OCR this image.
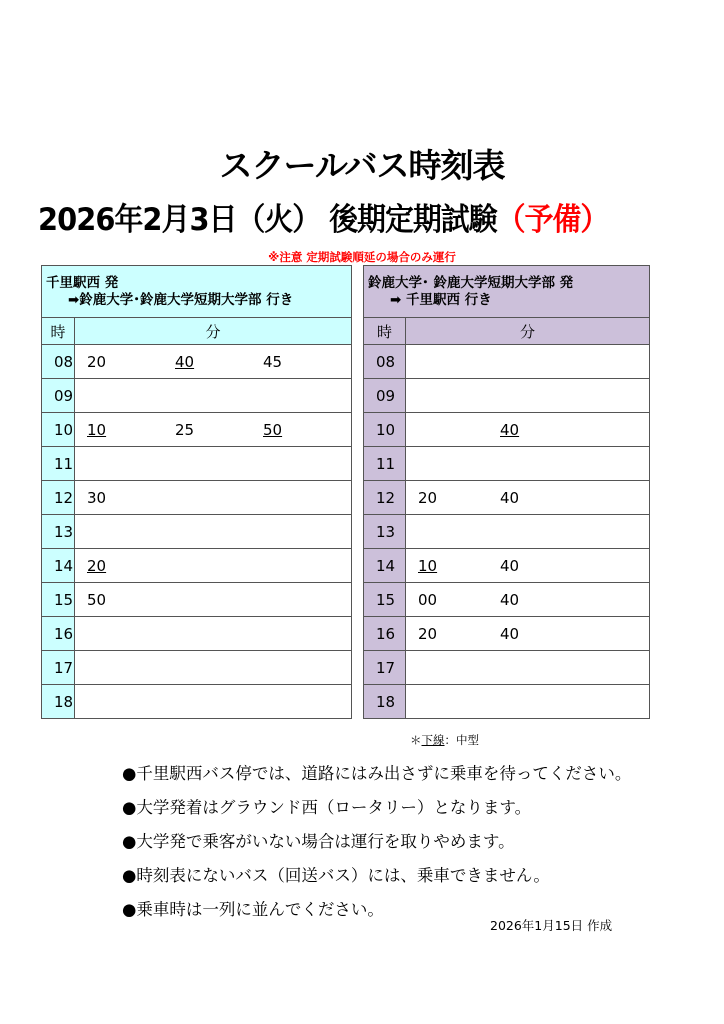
スクールバス時刻表
2026年2月3日（火） 後期定期試験（予備）
※注意 定期試験順延の場合のみ運行
千里駅西 発
➡鈴鹿大学･鈴鹿大学短期大学部 行き	

時	分
08	20 40 45
09	
10	10 25 50
11	
12	30
13	
14	20
15	50
16	
17	
18	
鈴鹿大学･ 鈴鹿大学短期大学部 発
➡ 千里駅西 行き	

時	分
08	
09	
10	40
11	
12	20 40
13	
14	10 40
15	00 40
16	20 40
17	
18	
＊下線：中型
●千里駅西バス停では、道路にはみ出さずに乗車を待ってください。
●大学発着はグラウンド西（ロータリー）となります。
●大学発で乗客がいない場合は運行を取りやめます。
●時刻表にないバス（回送バス）には、乗車できません。
●乗車時は一列に並んでください。
2026年1月15日 作成
